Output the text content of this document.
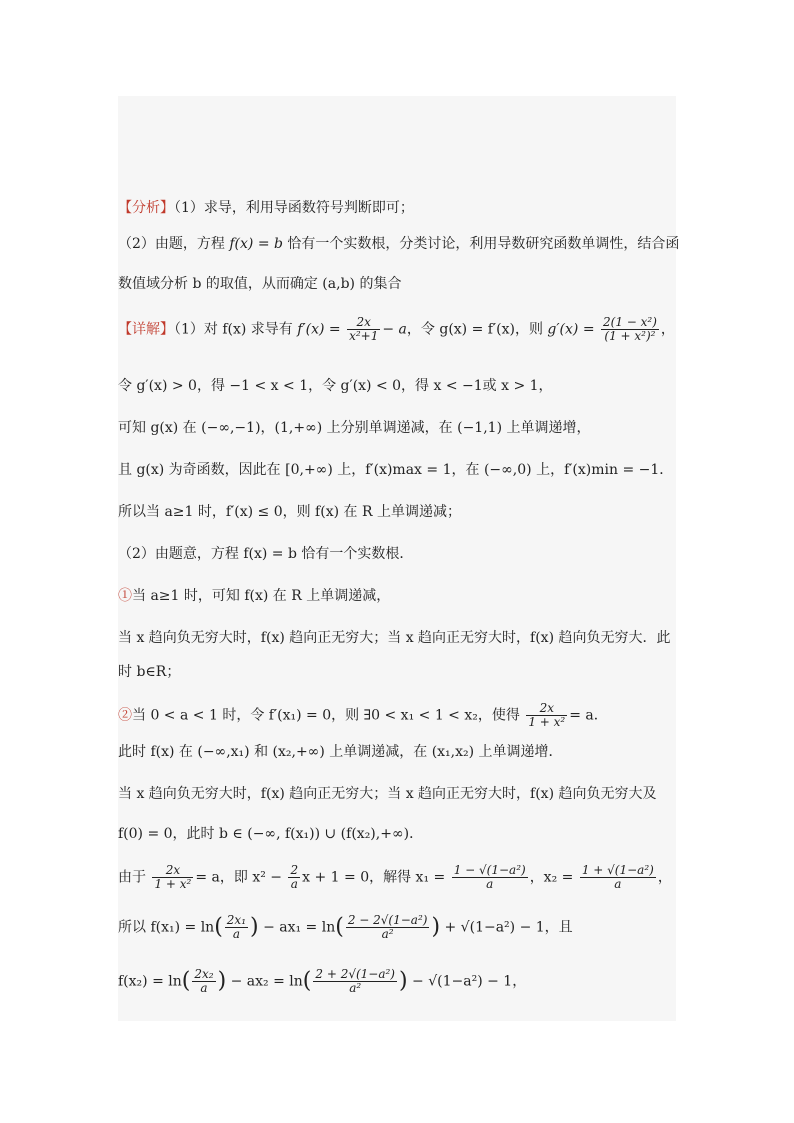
【分析】（1）求导，利用导函数符号判断即可；
（2）由题，方程 f(x) = b 恰有一个实数根，分类讨论，利用导数研究函数单调性，结合函
数值域分析 b 的取值，从而确定 (a,b) 的集合
【详解】（1）对 f(x) 求导有 $f'(x) = \frac{2x}{\text{x²+1}} - a$，令 g(x) = f′(x)，则 $g'(x) = \frac{\text{2(1 − x²)}}{\text{(1 + x²)²}}$ ，
令 g′(x) > 0，得 −1 < x < 1，令 g′(x) < 0，得 x < −1或 x > 1，
可知 g(x) 在 (−∞,−1)，(1,+∞) 上分别单调递减，在 (−1,1) 上单调递增，
且 g(x) 为奇函数，因此在 [0,+∞) 上，f′(x)max = 1，在 (−∞,0) 上，f′(x)min = −1．
所以当 a≥1 时，f′(x) ≤ 0，则 f(x) 在 R 上单调递减；
（2）由题意，方程 f(x) = b 恰有一个实数根．
①当 a≥1 时，可知 f(x) 在 R 上单调递减，
当 x 趋向负无穷大时，f(x) 趋向正无穷大；当 x 趋向正无穷大时，f(x) 趋向负无穷大．此
时 b∈R；
②当 0 < a < 1 时，令 f′(x₁) = 0，则 ∃0 < x₁ < 1 < x₂，使得 $\frac{2x}{\text{1 + x²}} = a$．
此时 f(x) 在 (−∞,x₁) 和 (x₂,+∞) 上单调递减，在 (x₁,x₂) 上单调递增．
当 x 趋向负无穷大时，f(x) 趋向正无穷大；当 x 趋向正无穷大时，f(x) 趋向负无穷大及
f(0) = 0，此时 b ∈ (−∞, f(x₁)) ∪ (f(x₂),+∞)．
由于 $\frac{2x}{\text{1 + x²}} = a$，即 $x^2 - \frac{2}{a}$ x + 1 = 0，解得 $x_1 = \frac{\text{1 − √(1−a²)}}{a}$ ，$x_2 = \frac{\text{1 + √(1−a²)}}{a}$ ，
所以 $f(x_1) = \ln( \frac{\text{2x₁}}{a}$ ) − $ax_1 = \ln( \frac{\text{2 − 2√(1−a²)}}{\text{a²}}$ ) + √(1−a²) − 1，且
$f(x_2) = \ln( \frac{\text{2x₂}}{a}$ ) − $ax_2 = \ln( \frac{\text{2 + 2√(1−a²)}}{\text{a²}}$ ) − √(1−a²) − 1，
